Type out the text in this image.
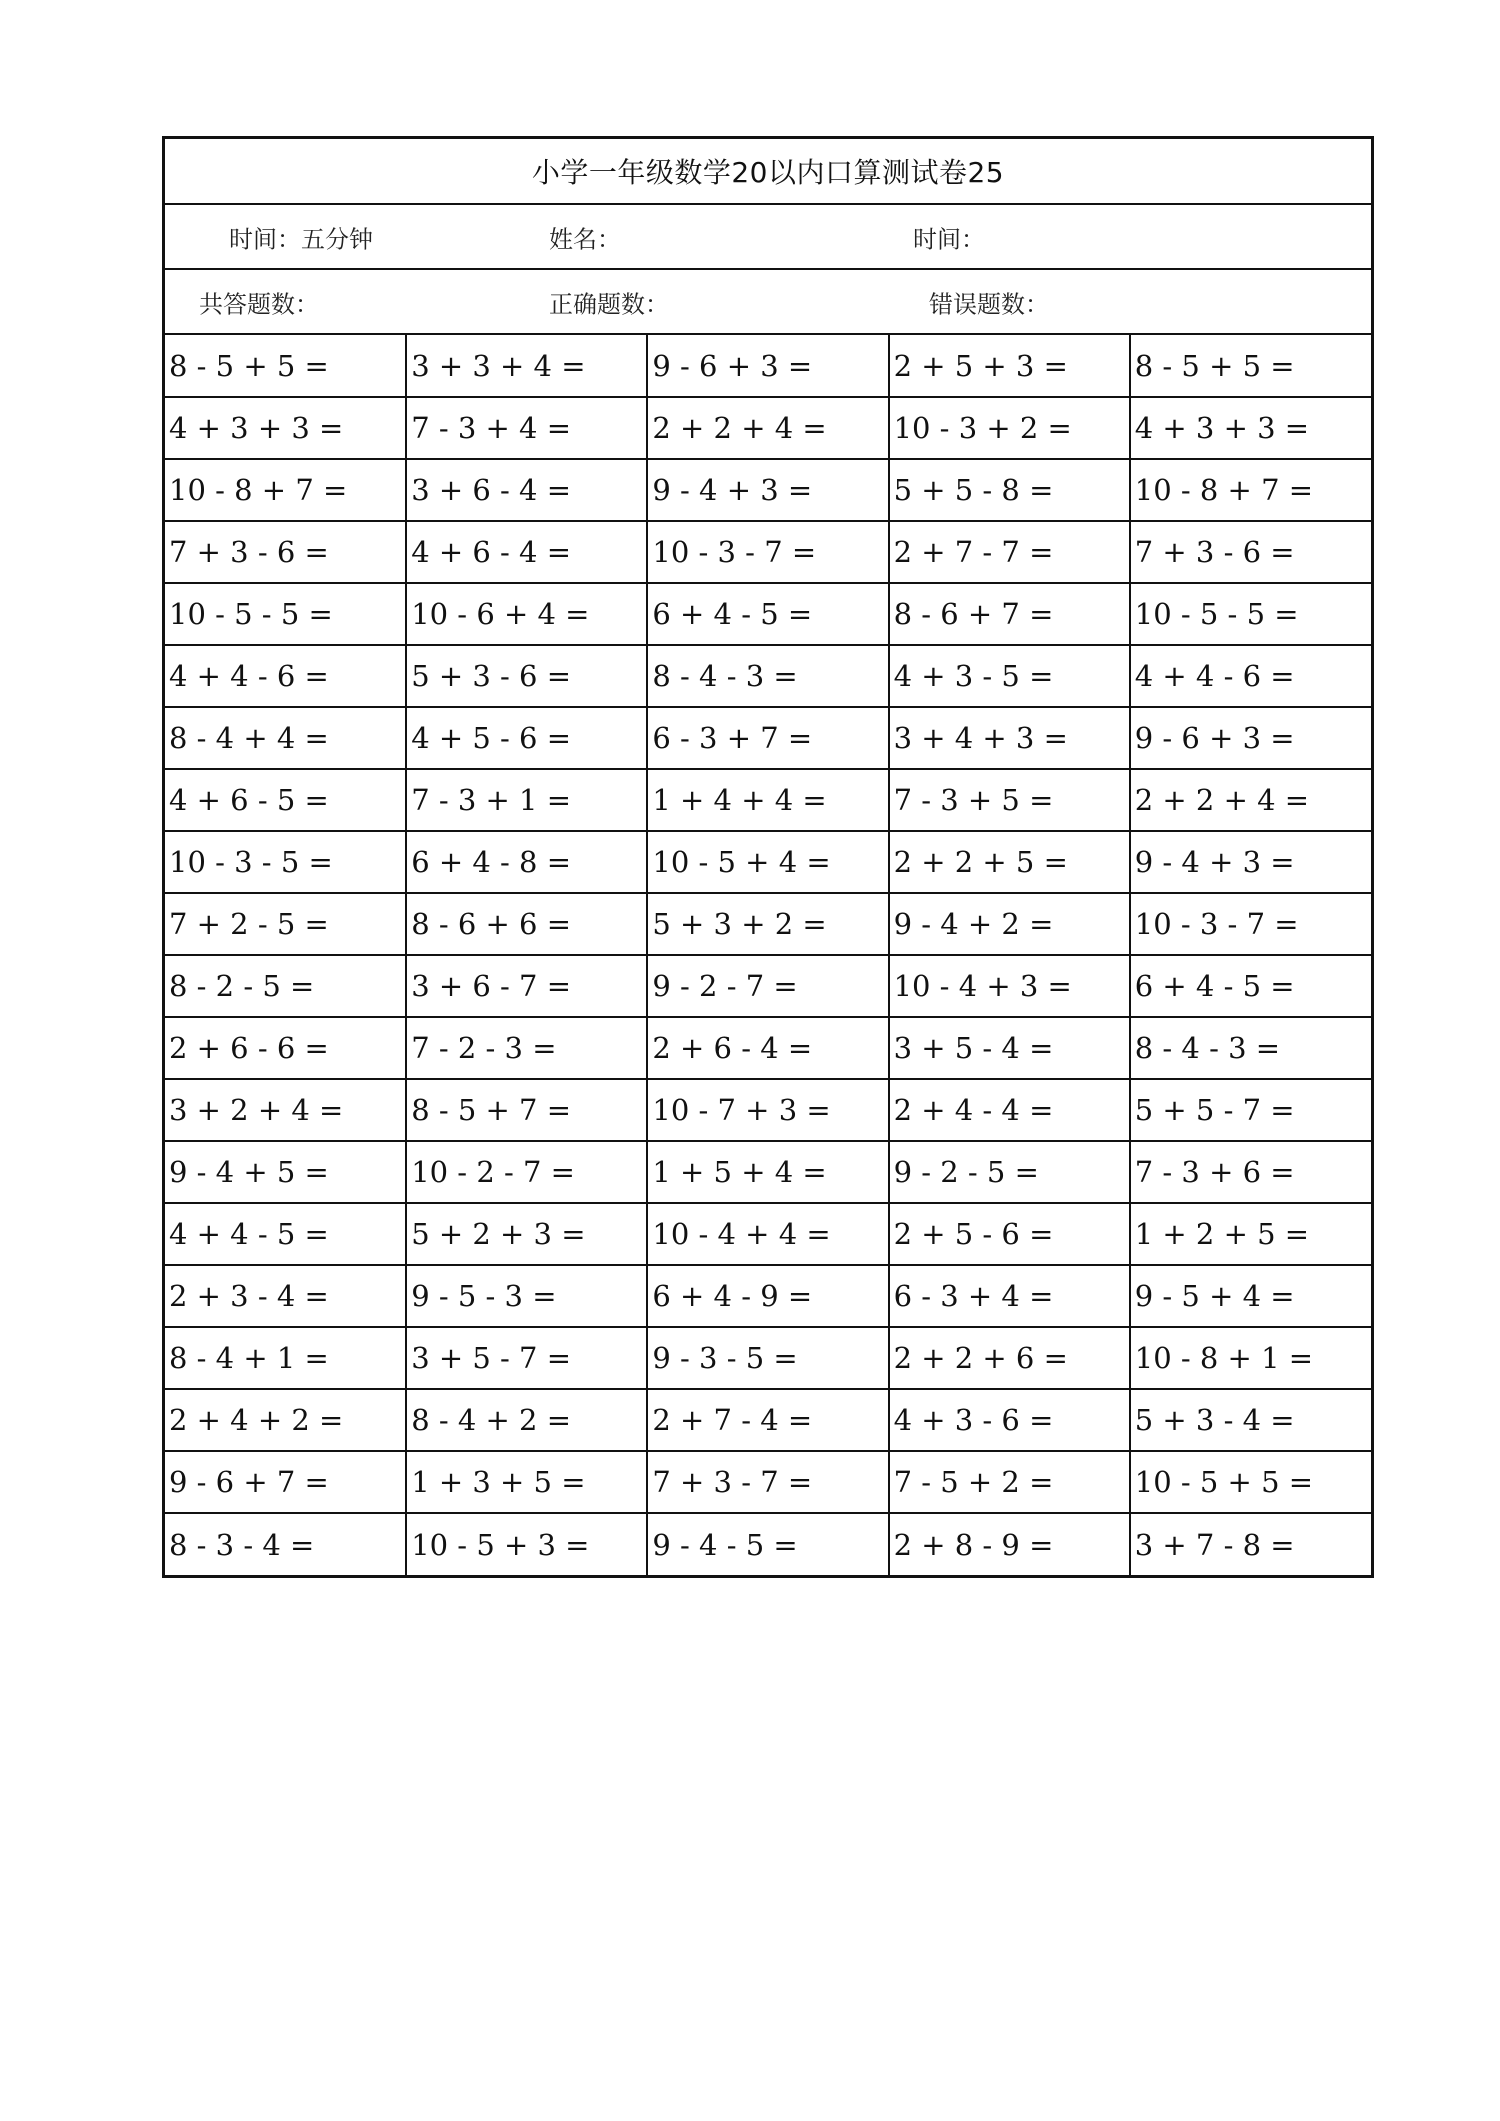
小学一年级数学20以内口算测试卷25
时间：五分钟	姓名：	时间：
共答题数：	正确题数：	错误题数：
8 - 5 + 5 =	3 + 3 + 4 =	9 - 6 + 3 =	2 + 5 + 3 =	8 - 5 + 5 =
4 + 3 + 3 =	7 - 3 + 4 =	2 + 2 + 4 =	10 - 3 + 2 =	4 + 3 + 3 =
10 - 8 + 7 =	3 + 6 - 4 =	9 - 4 + 3 =	5 + 5 - 8 =	10 - 8 + 7 =
7 + 3 - 6 =	4 + 6 - 4 =	10 - 3 - 7 =	2 + 7 - 7 =	7 + 3 - 6 =
10 - 5 - 5 =	10 - 6 + 4 =	6 + 4 - 5 =	8 - 6 + 7 =	10 - 5 - 5 =
4 + 4 - 6 =	5 + 3 - 6 =	8 - 4 - 3 =	4 + 3 - 5 =	4 + 4 - 6 =
8 - 4 + 4 =	4 + 5 - 6 =	6 - 3 + 7 =	3 + 4 + 3 =	9 - 6 + 3 =
4 + 6 - 5 =	7 - 3 + 1 =	1 + 4 + 4 =	7 - 3 + 5 =	2 + 2 + 4 =
10 - 3 - 5 =	6 + 4 - 8 =	10 - 5 + 4 =	2 + 2 + 5 =	9 - 4 + 3 =
7 + 2 - 5 =	8 - 6 + 6 =	5 + 3 + 2 =	9 - 4 + 2 =	10 - 3 - 7 =
8 - 2 - 5 =	3 + 6 - 7 =	9 - 2 - 7 =	10 - 4 + 3 =	6 + 4 - 5 =
2 + 6 - 6 =	7 - 2 - 3 =	2 + 6 - 4 =	3 + 5 - 4 =	8 - 4 - 3 =
3 + 2 + 4 =	8 - 5 + 7 =	10 - 7 + 3 =	2 + 4 - 4 =	5 + 5 - 7 =
9 - 4 + 5 =	10 - 2 - 7 =	1 + 5 + 4 =	9 - 2 - 5 =	7 - 3 + 6 =
4 + 4 - 5 =	5 + 2 + 3 =	10 - 4 + 4 =	2 + 5 - 6 =	1 + 2 + 5 =
2 + 3 - 4 =	9 - 5 - 3 =	6 + 4 - 9 =	6 - 3 + 4 =	9 - 5 + 4 =
8 - 4 + 1 =	3 + 5 - 7 =	9 - 3 - 5 =	2 + 2 + 6 =	10 - 8 + 1 =
2 + 4 + 2 =	8 - 4 + 2 =	2 + 7 - 4 =	4 + 3 - 6 =	5 + 3 - 4 =
9 - 6 + 7 =	1 + 3 + 5 =	7 + 3 - 7 =	7 - 5 + 2 =	10 - 5 + 5 =
8 - 3 - 4 =	10 - 5 + 3 =	9 - 4 - 5 =	2 + 8 - 9 =	3 + 7 - 8 =
